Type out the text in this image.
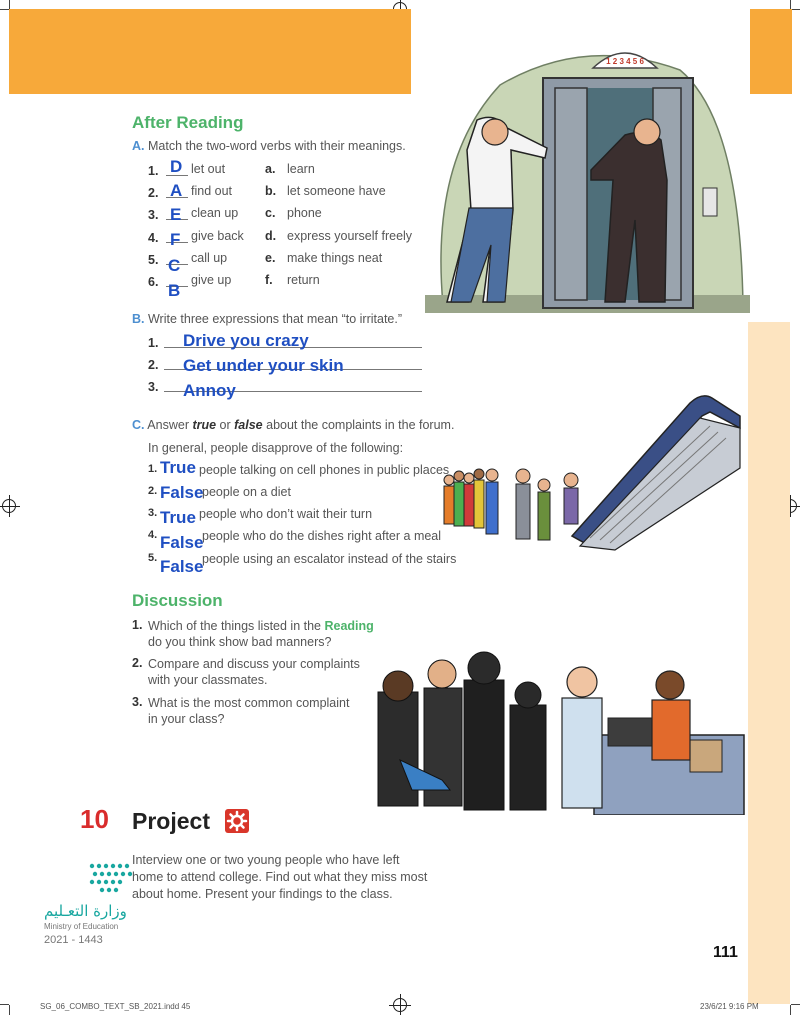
1 2 3 4 5 6
After Reading
A. Match the two-word verbs with their meanings.
1. D let out
2. A find out
3. E clean up
4. F give back
5. C call up
6. B
give up
a. learn
b. let someone have
c. phone
d. express yourself freely
e. make things neat
f. return
B. Write three expressions that mean “to irritate.”
1. Drive you crazy
2. Get under your skin
3. Annoy
C. Answer true or false about the complaints in the forum.
In general, people disapprove of the following:
1. True people talking on cell phones in public places
2. False
people on a diet
3. True people who don’t wait their turn
4. False
people who do the dishes right after a meal
5. False
people using an escalator instead of the stairs
Discussion
1. Which of the things listed in the Reading
do you think show bad manners?
2. Compare and discuss your complaints
with your classmates.
3. What is the most common complaint
in your class?
10 Project
Interview one or two young people who have left
home to attend college. Find out what they miss most
about home. Present your findings to the class.
وزارة التعـليم
Ministry of Education
2021 - 1443
111
SG_06_COMBO_TEXT_SB_2021.indd 45	23/6/21 9:16 PM
